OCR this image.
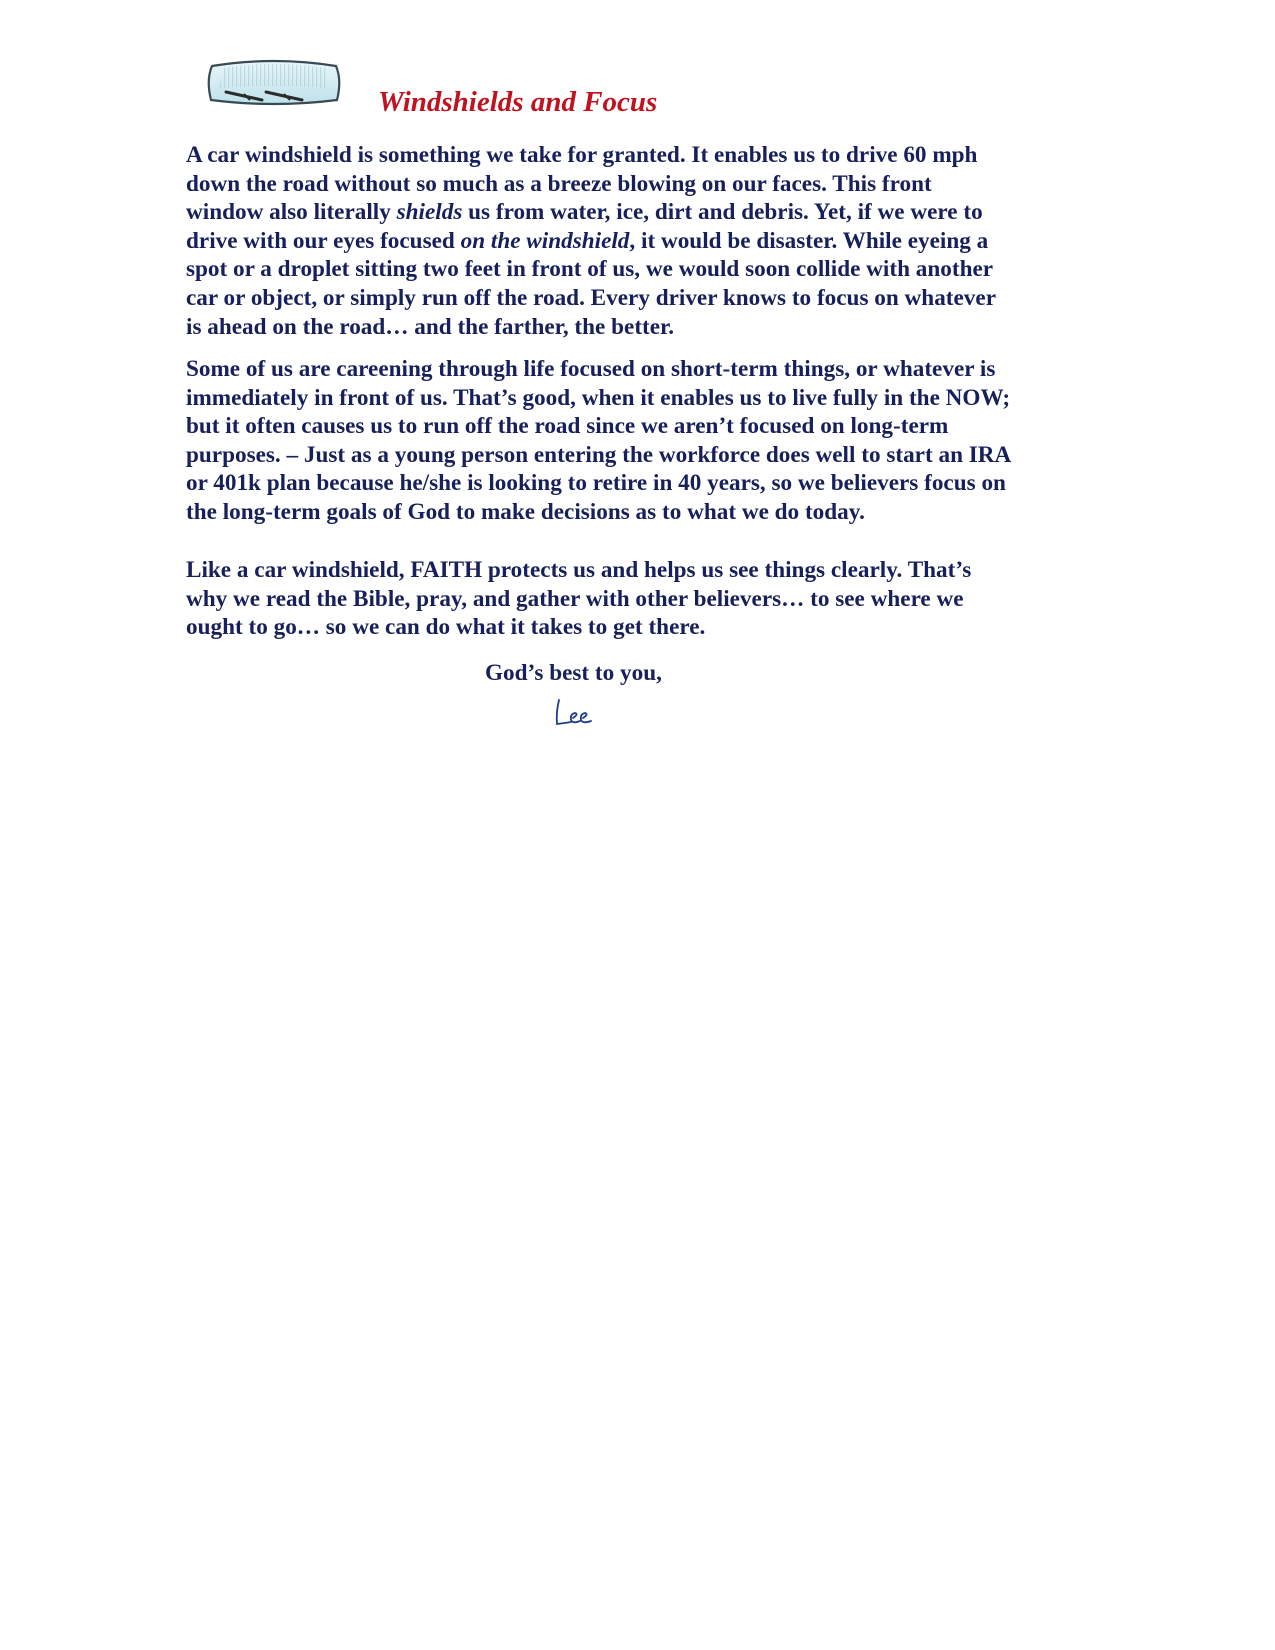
Windshields and Focus

A car windshield is something we take for granted. It enables us to drive 60 mph
down the road without so much as a breeze blowing on our faces. This front
window also literally shields us from water, ice, dirt and debris. Yet, if we were to
drive with our eyes focused on the windshield, it would be disaster. While eyeing a
spot or a droplet sitting two feet in front of us, we would soon collide with another
car or object, or simply run off the road. Every driver knows to focus on whatever
is ahead on the road… and the farther, the better.

Some of us are careening through life focused on short-term things, or whatever is
immediately in front of us. That’s good, when it enables us to live fully in the NOW;
but it often causes us to run off the road since we aren’t focused on long-term
purposes. – Just as a young person entering the workforce does well to start an IRA
or 401k plan because he/she is looking to retire in 40 years, so we believers focus on
the long-term goals of God to make decisions as to what we do today.

Like a car windshield, FAITH protects us and helps us see things clearly. That’s
why we read the Bible, pray, and gather with other believers… to see where we
ought to go… so we can do what it takes to get there.

God’s best to you,
